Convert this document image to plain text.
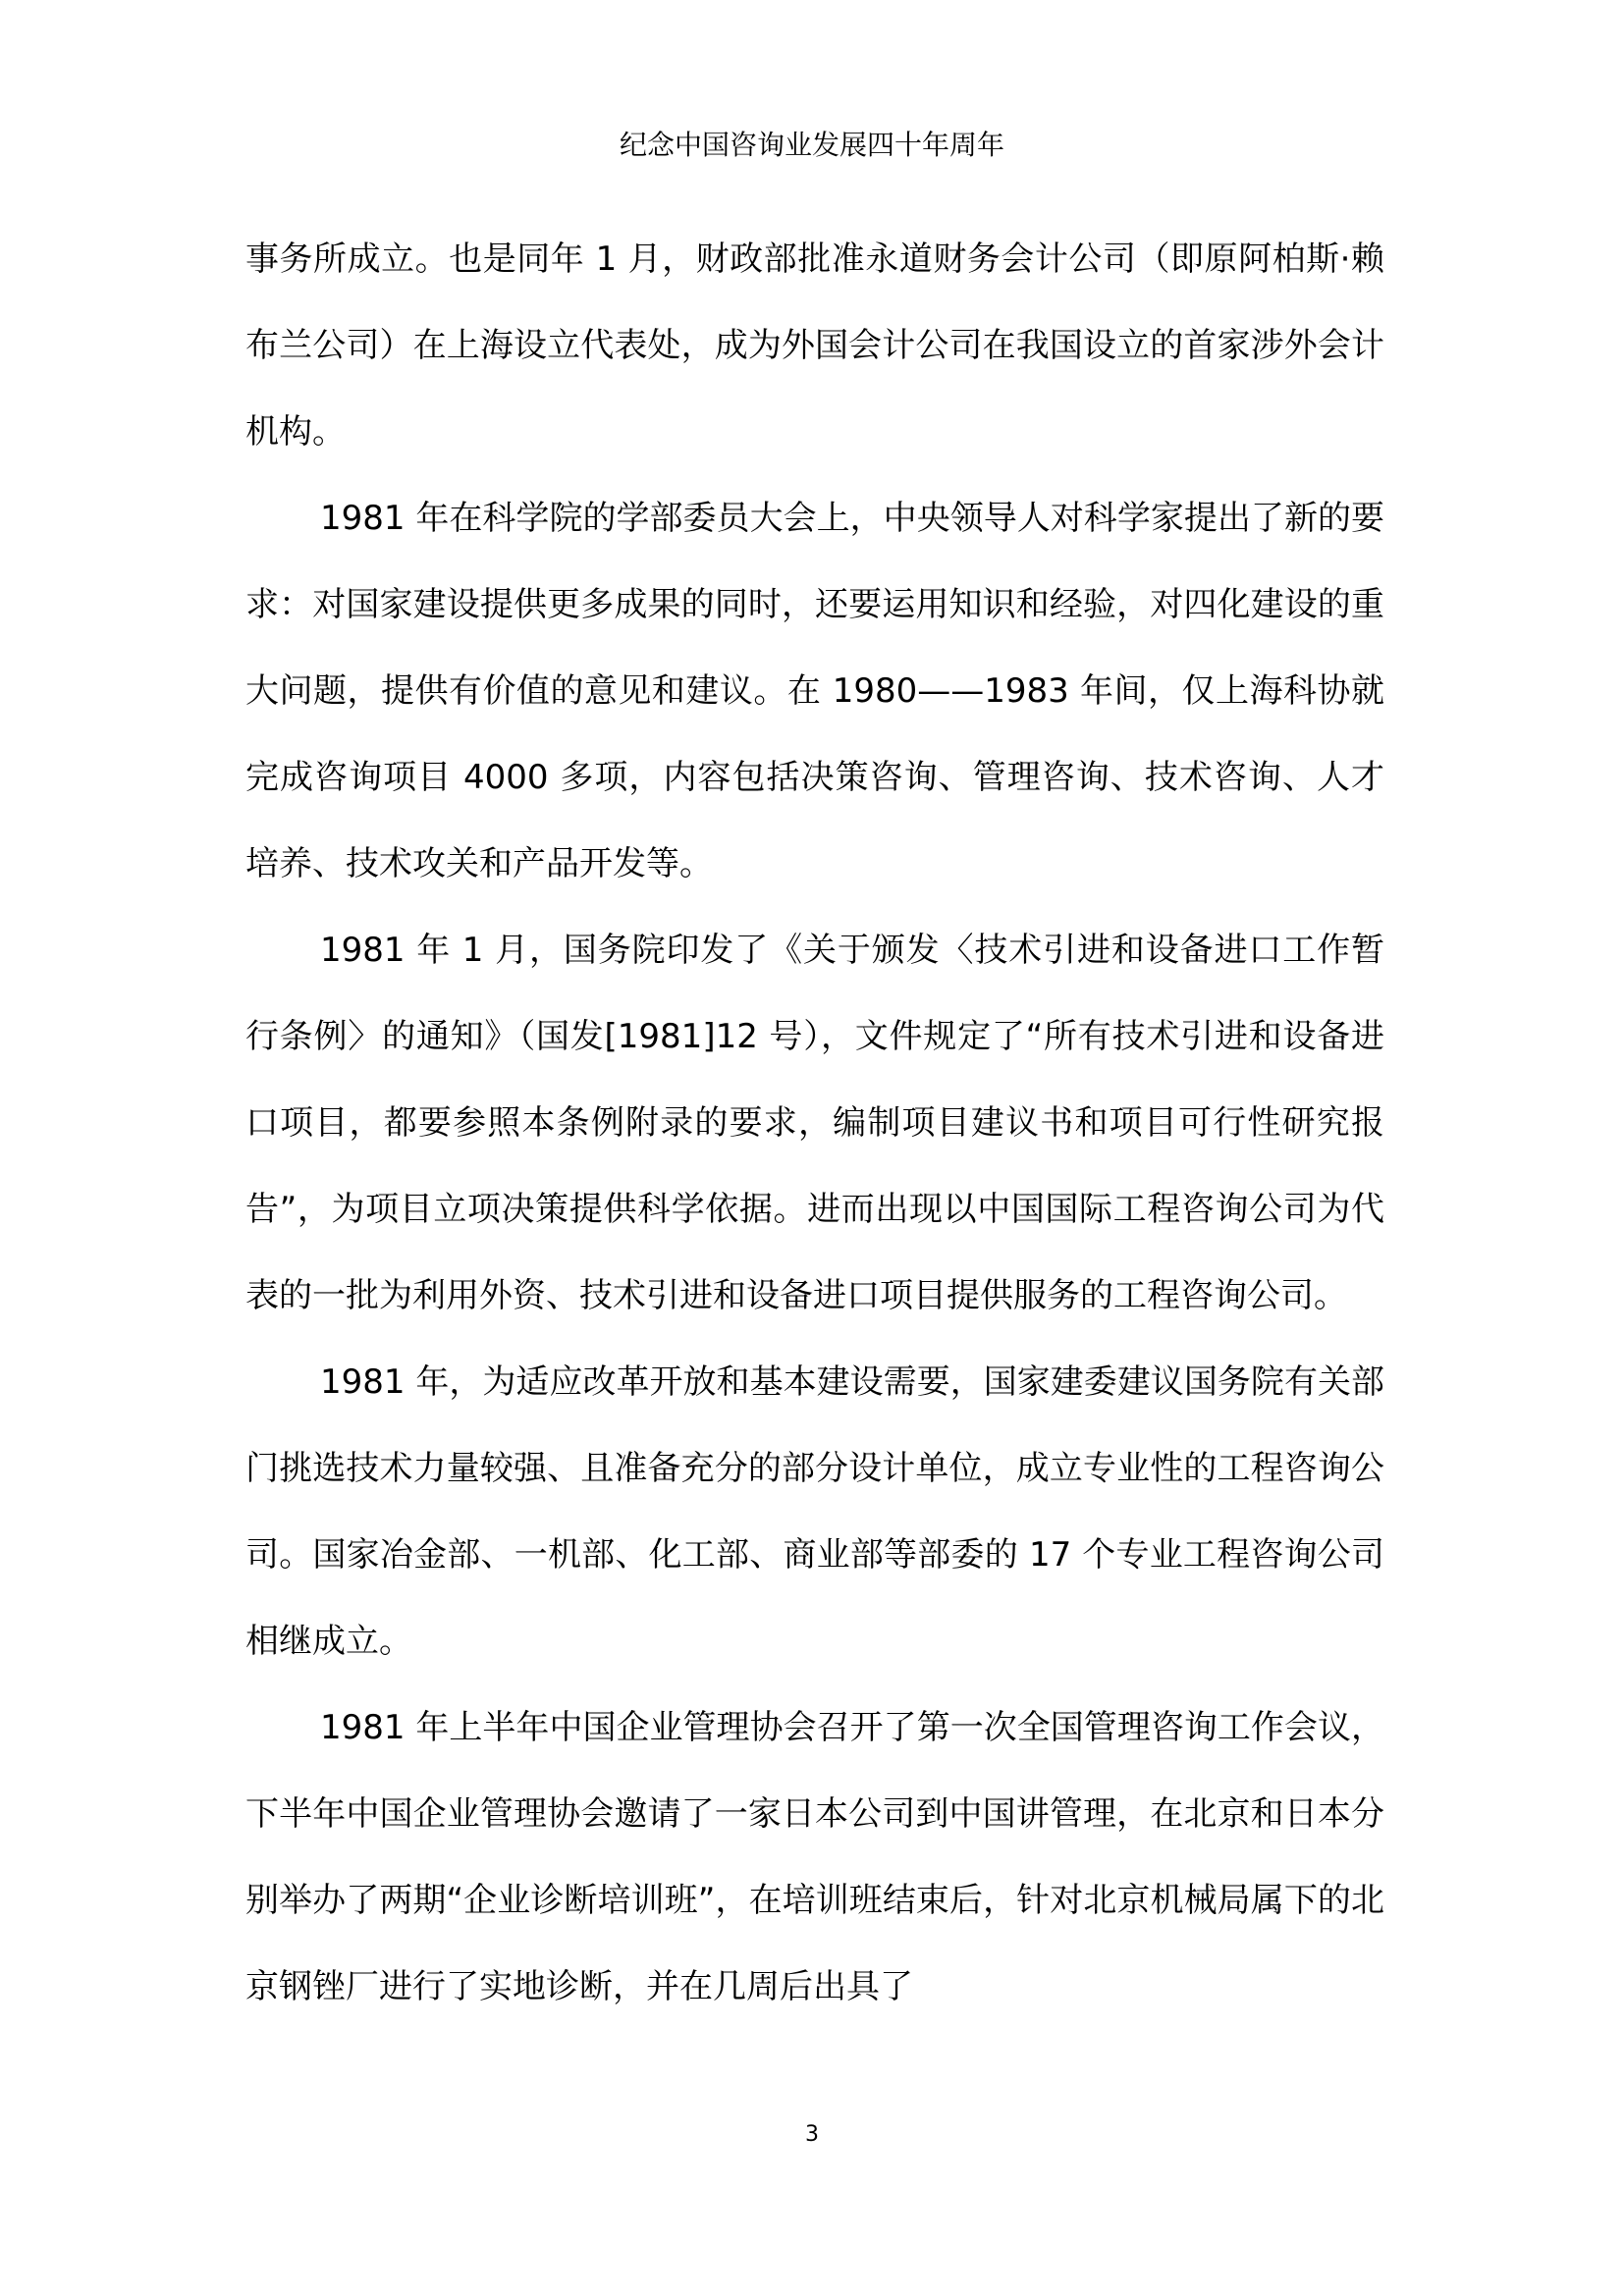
纪念中国咨询业发展四十年周年

事务所成立。也是同年 1 月，财政部批准永道财务会计公司（即原阿柏斯·赖布兰公司）在上海设立代表处，成为外国会计公司在我国设立的首家涉外会计机构。

1981 年在科学院的学部委员大会上，中央领导人对科学家提出了新的要求：对国家建设提供更多成果的同时，还要运用知识和经验，对四化建设的重大问题，提供有价值的意见和建议。在 1980——1983 年间，仅上海科协就完成咨询项目 4000 多项，内容包括决策咨询、管理咨询、技术咨询、人才培养、技术攻关和产品开发等。

1981 年 1 月，国务院印发了《关于颁发〈技术引进和设备进口工作暂行条例〉的通知》（国发[1981]12 号），文件规定了“所有技术引进和设备进口项目，都要参照本条例附录的要求，编制项目建议书和项目可行性研究报告”，为项目立项决策提供科学依据。进而出现以中国国际工程咨询公司为代表的一批为利用外资、技术引进和设备进口项目提供服务的工程咨询公司。

1981 年，为适应改革开放和基本建设需要，国家建委建议国务院有关部门挑选技术力量较强、且准备充分的部分设计单位，成立专业性的工程咨询公司。国家冶金部、一机部、化工部、商业部等部委的 17 个专业工程咨询公司相继成立。

1981 年上半年中国企业管理协会召开了第一次全国管理咨询工作会议， 下半年中国企业管理协会邀请了一家日本公司到中国讲管理，在北京和日本分别举办了两期“企业诊断培训班”，在培训班结束后，针对北京机械局属下的北京钢锉厂进行了实地诊断，并在几周后出具了

3
